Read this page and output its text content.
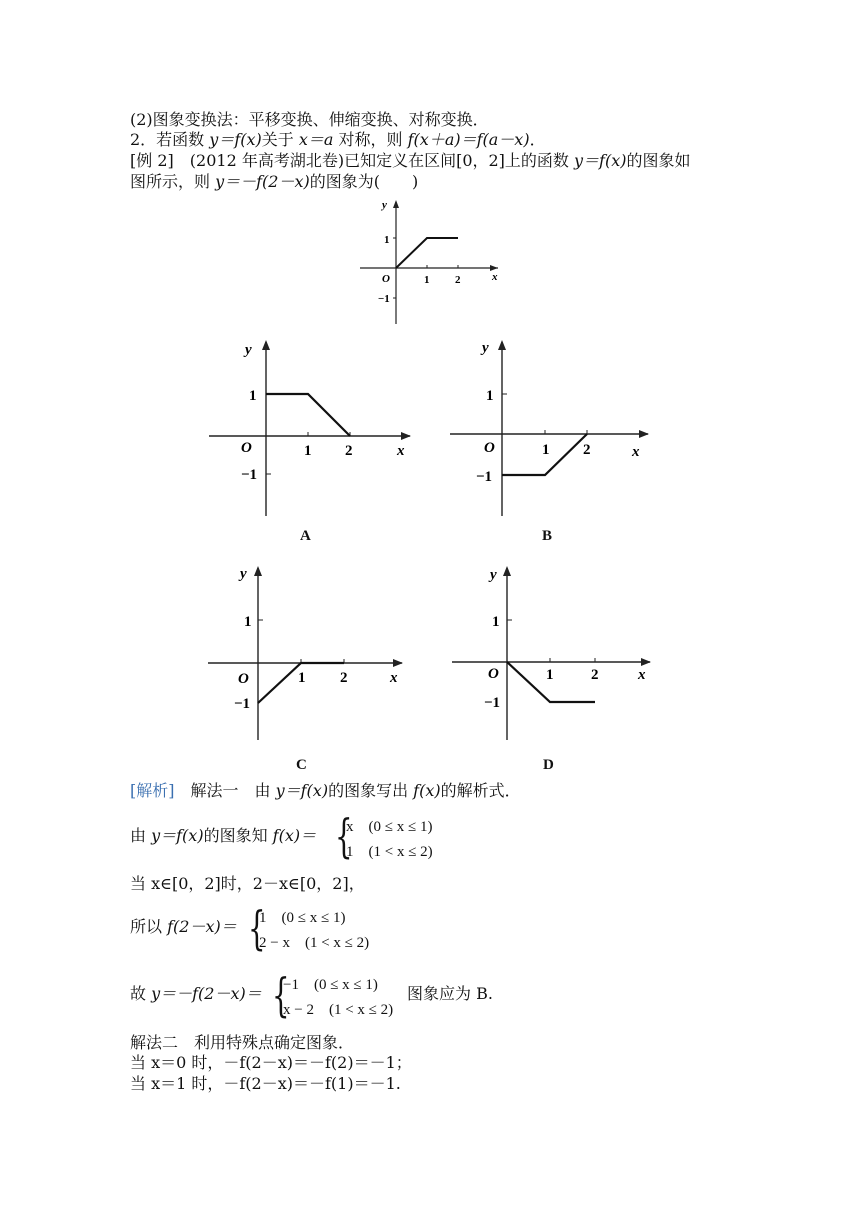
(2)图象变换法：平移变换、伸缩变换、对称变换．
2．若函数 y＝f(x)关于 x＝a 对称，则 f(x＋a)＝f(a－x)．
[例 2]　 (2012 年高考湖北卷)已知定义在区间[0，2]上的函数 y＝f(x)的图象如
图所示，则 y＝－f(2－x)的图象为(　　)
y
x
O
1
−1
1 2
y
x
O
1
−1
1 2
A
y
x
O
1
−1
1 2
B
y
x
O
1
−1
1 2
C
y
x
O
1
−1
1	2
D
[解析]　解法一　由 y＝f(x)的图象写出 f(x)的解析式．
由 y＝f(x)的图象知 f(x)＝ {
x　(0 ≤ x ≤ 1)
1　(1 < x ≤ 2)
当 x∈[0，2]时，2－x∈[0，2]，
所以 f(2－x)＝ {
1　(0 ≤ x ≤ 1)
2 − x　(1 < x ≤ 2)
故 y＝－f(2－x)＝ {
−1　(0 ≤ x ≤ 1)
x − 2　(1 < x ≤ 2)
图象应为 B.
解法二　利用特殊点确定图象．
当 x＝0 时，－f(2－x)＝－f(2)＝－1；
当 x＝1 时，－f(2－x)＝－f(1)＝－1.
